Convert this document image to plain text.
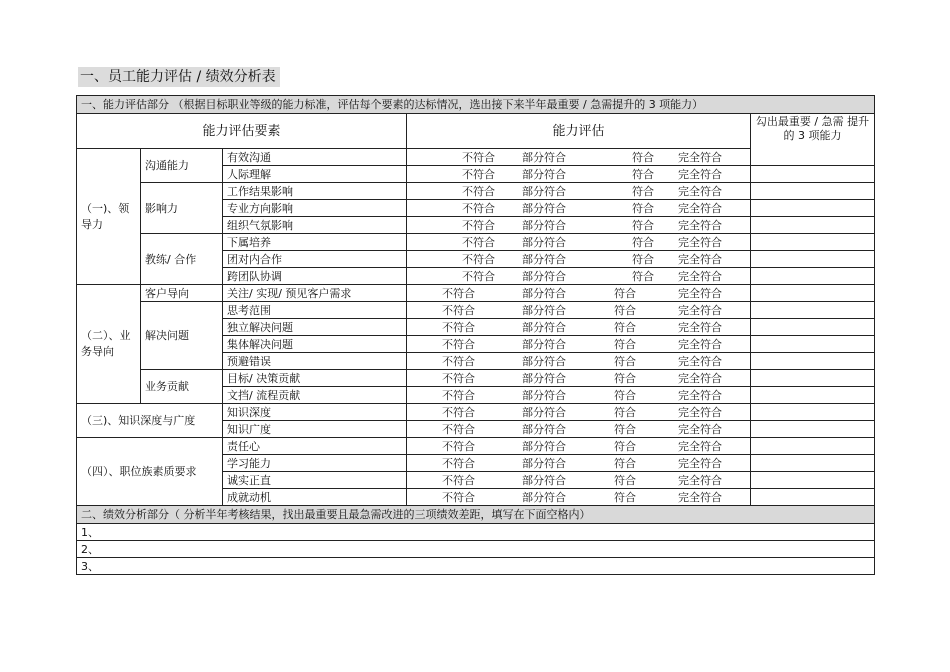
一、员工能力评估 / 绩效分析表
一、能力评估部分 （根据目标职业等级的能力标准，评估每个要素的达标情况，选出接下来半年最重要 / 急需提升的 3 项能力）				
能力评估要素			能力评估	勾出最重要 / 急需 提升的 3 项能力
（一)、领导力	沟通能力	有效沟通	不符合 部分符合 符合 完全符合	
		人际理解	不符合 部分符合 符合 完全符合	
	影响力	工作结果影响	不符合 部分符合 符合 完全符合	
		专业方向影响	不符合 部分符合 符合 完全符合	
		组织气氛影响	不符合 部分符合 符合 完全符合	
	教练/ 合作	下属培养	不符合 部分符合 符合 完全符合	
		团对内合作	不符合 部分符合 符合 完全符合	
		跨团队协调	不符合 部分符合 符合 完全符合	
（二）、业务导向	客户导向	关注/ 实现/ 预见客户需求	不符合 部分符合 符合 完全符合	
	解决问题	思考范围	不符合 部分符合 符合 完全符合	
		独立解决问题	不符合 部分符合 符合 完全符合	
		集体解决问题	不符合 部分符合 符合 完全符合	
		预避错误	不符合 部分符合 符合 完全符合	
	业务贡献	目标/ 决策贡献	不符合 部分符合 符合 完全符合	
		文挡/ 流程贡献	不符合 部分符合 符合 完全符合	
（三)、知识深度与广度		知识深度	不符合 部分符合 符合 完全符合	
		知识广度	不符合 部分符合 符合 完全符合	
（四）、职位族素质要求		责任心	不符合 部分符合 符合 完全符合	
		学习能力	不符合 部分符合 符合 完全符合	
		诚实正直	不符合 部分符合 符合 完全符合	
		成就动机	不符合 部分符合 符合 完全符合	
二、绩效分析部分（ 分析半年考核结果，找出最重要且最急需改进的三项绩效差距，填写在下面空格内）				
1、				
2、				
3、				
